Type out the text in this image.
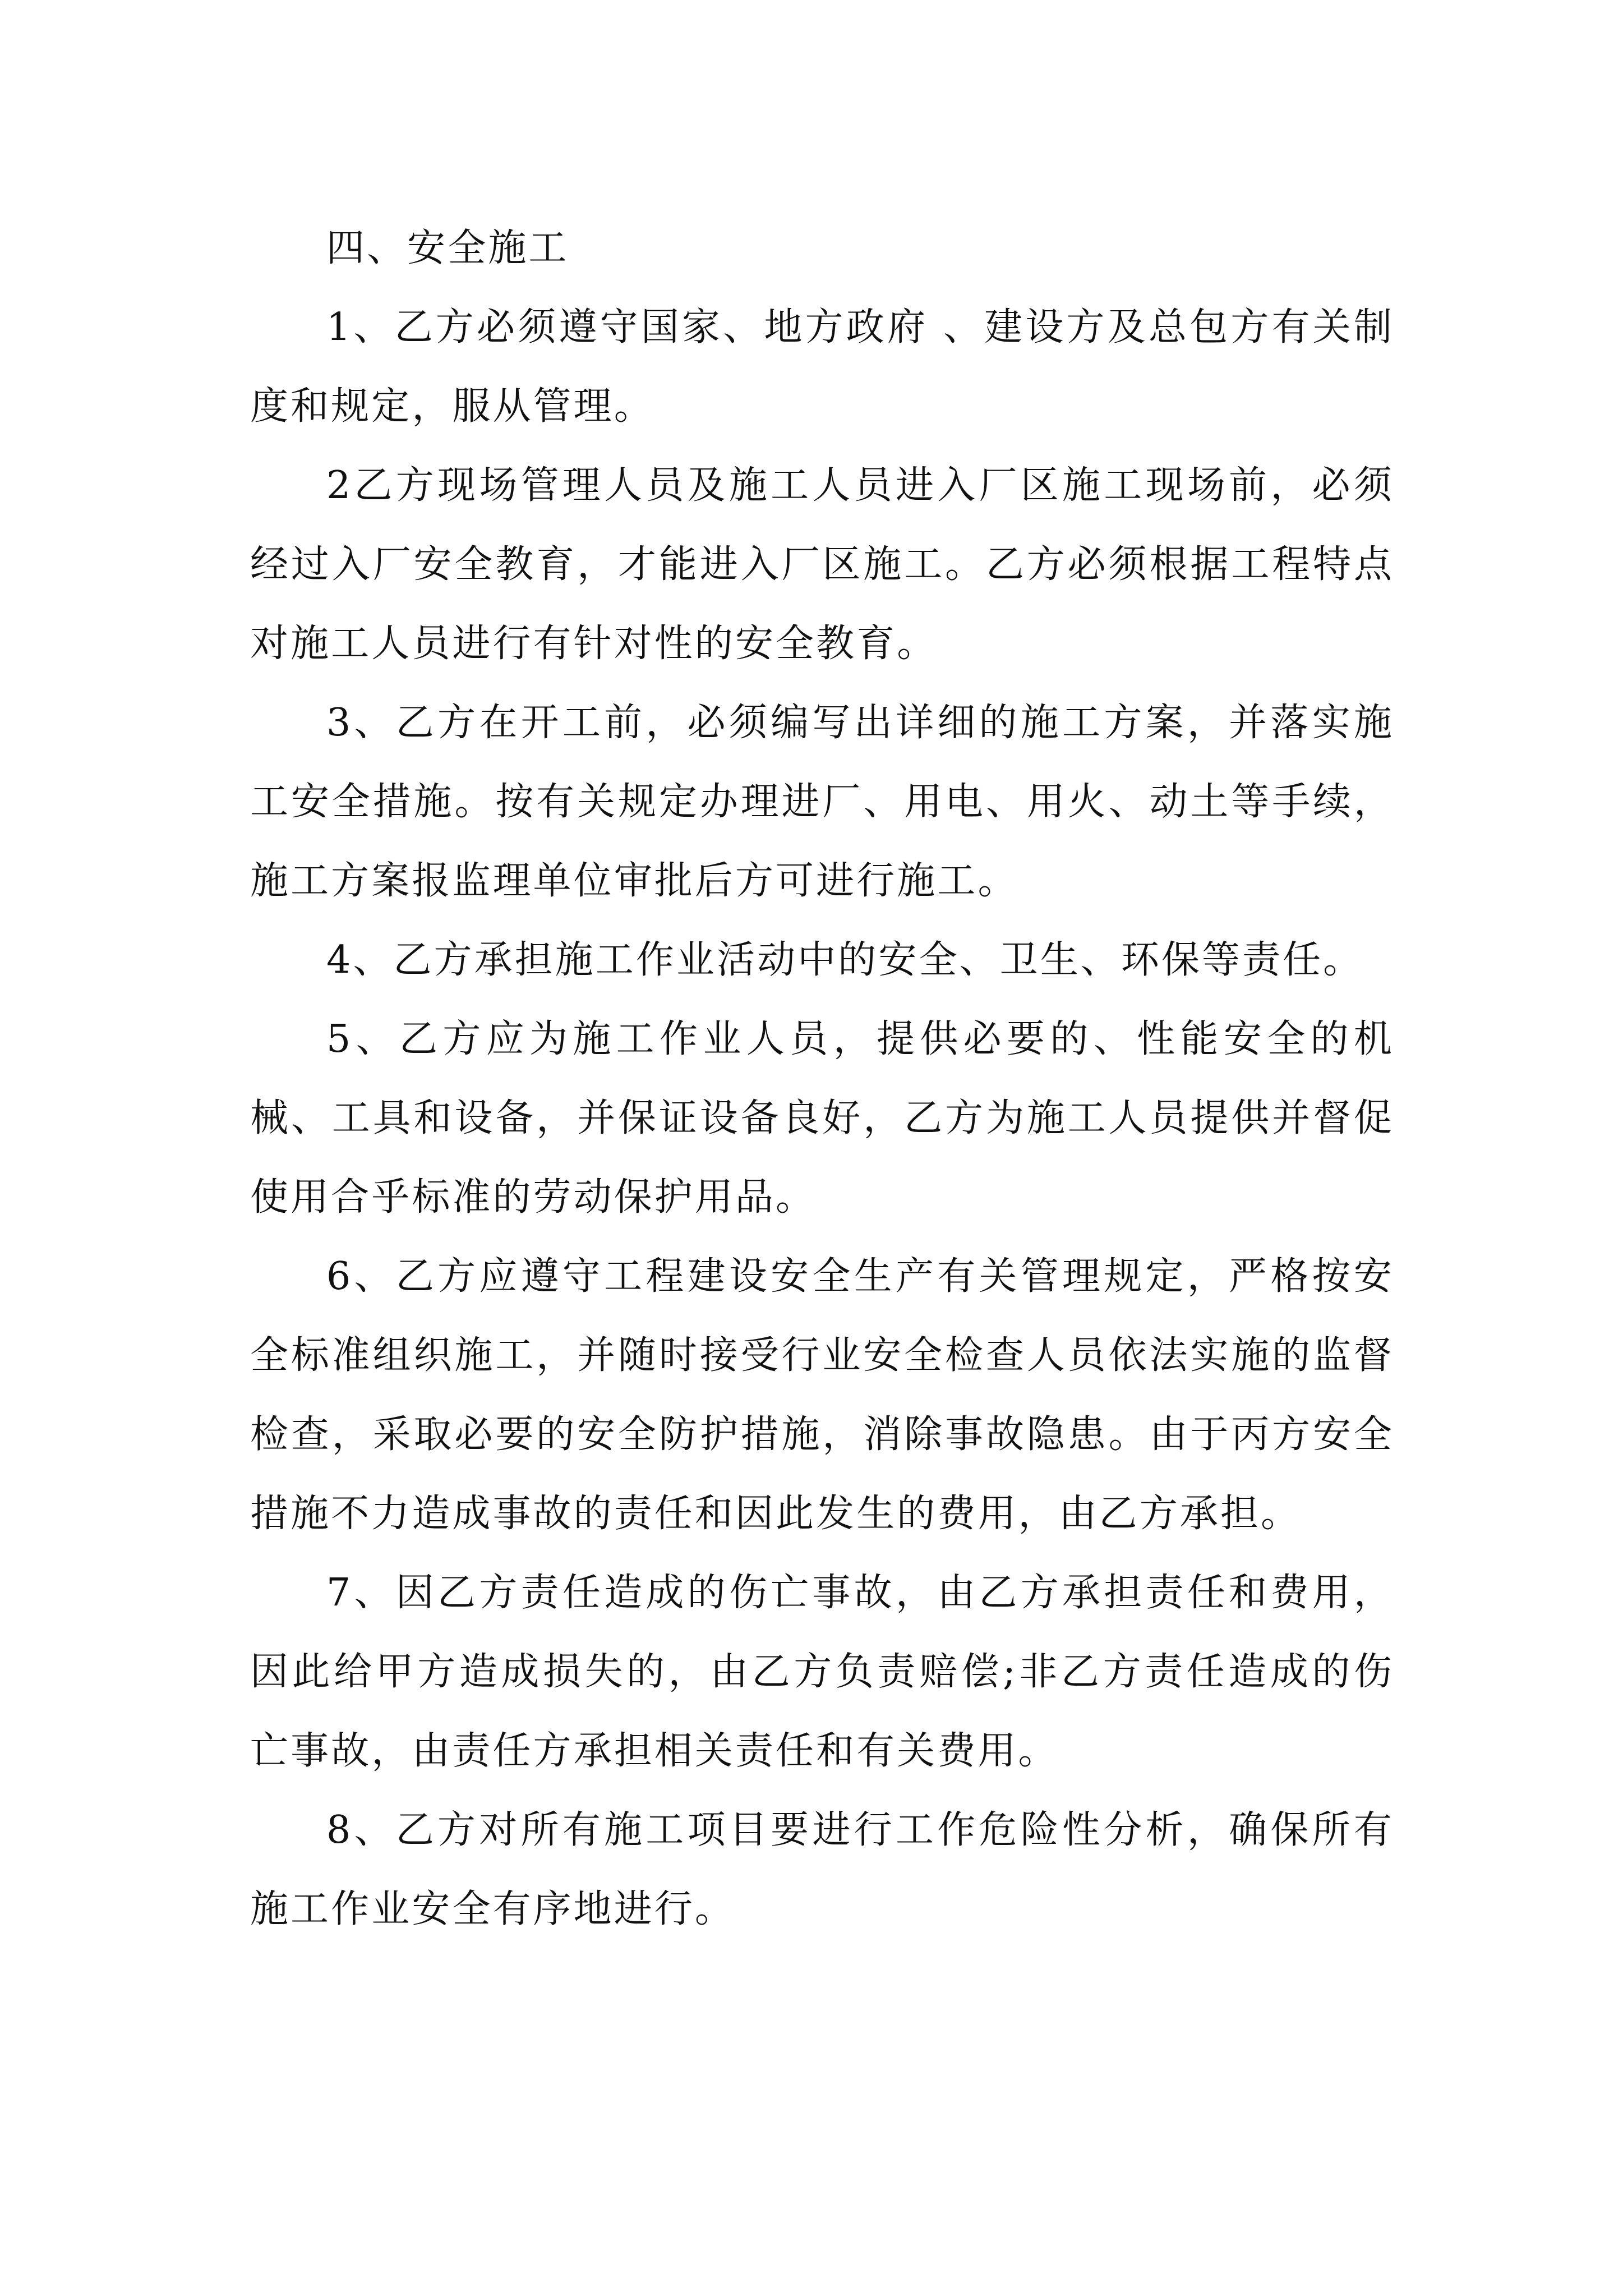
四、安全施工

1、乙方必须遵守国家、地方政府 、建设方及总包方有关制度和规定，服从管理。

2乙方现场管理人员及施工人员进入厂区施工现场前，必须经过入厂安全教育，才能进入厂区施工。乙方必须根据工程特点对施工人员进行有针对性的安全教育。

3、乙方在开工前，必须编写出详细的施工方案，并落实施工安全措施。按有关规定办理进厂、用电、用火、动土等手续，施工方案报监理单位审批后方可进行施工。

4、乙方承担施工作业活动中的安全、卫生、环保等责任。

5、乙方应为施工作业人员，提供必要的、性能安全的机械、工具和设备，并保证设备良好，乙方为施工人员提供并督促使用合乎标准的劳动保护用品。

6、乙方应遵守工程建设安全生产有关管理规定，严格按安全标准组织施工，并随时接受行业安全检查人员依法实施的监督检查，采取必要的安全防护措施，消除事故隐患。由于丙方安全措施不力造成事故的责任和因此发生的费用，由乙方承担。

7、因乙方责任造成的伤亡事故，由乙方承担责任和费用，因此给甲方造成损失的，由乙方负责赔偿;非乙方责任造成的伤亡事故，由责任方承担相关责任和有关费用。

8、乙方对所有施工项目要进行工作危险性分析，确保所有施工作业安全有序地进行。
